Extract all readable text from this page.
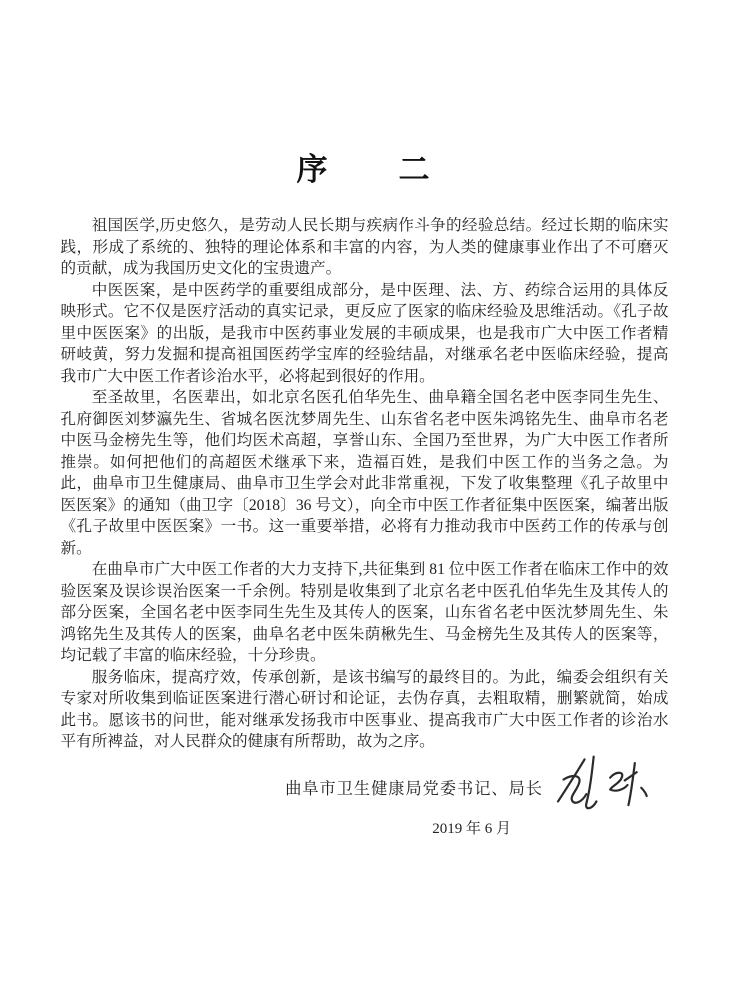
序　　二

祖国医学,历史悠久，是劳动人民长期与疾病作斗争的经验总结。经过长期的临床实践，形成了系统的、独特的理论体系和丰富的内容，为人类的健康事业作出了不可磨灭的贡献，成为我国历史文化的宝贵遗产。

中医医案，是中医药学的重要组成部分，是中医理、法、方、药综合运用的具体反映形式。它不仅是医疗活动的真实记录，更反应了医家的临床经验及思维活动。《孔子故里中医医案》的出版，是我市中医药事业发展的丰硕成果，也是我市广大中医工作者精研岐黄，努力发掘和提高祖国医药学宝库的经验结晶，对继承名老中医临床经验，提高我市广大中医工作者诊治水平，必将起到很好的作用。

至圣故里，名医辈出，如北京名医孔伯华先生、曲阜籍全国名老中医李同生先生、孔府御医刘梦瀛先生、省城名医沈梦周先生、山东省名老中医朱鸿铭先生、曲阜市名老中医马金榜先生等，他们均医术高超，享誉山东、全国乃至世界，为广大中医工作者所推崇。如何把他们的高超医术继承下来，造福百姓，是我们中医工作的当务之急。为此，曲阜市卫生健康局、曲阜市卫生学会对此非常重视，下发了收集整理《孔子故里中医医案》的通知（曲卫字〔2018〕36 号文），向全市中医工作者征集中医医案，编著出版《孔子故里中医医案》一书。这一重要举措，必将有力推动我市中医药工作的传承与创新。

在曲阜市广大中医工作者的大力支持下,共征集到 81 位中医工作者在临床工作中的效验医案及误诊误治医案一千余例。特别是收集到了北京名老中医孔伯华先生及其传人的部分医案，全国名老中医李同生先生及其传人的医案，山东省名老中医沈梦周先生、朱鸿铭先生及其传人的医案，曲阜名老中医朱荫楸先生、马金榜先生及其传人的医案等，均记载了丰富的临床经验，十分珍贵。

服务临床，提高疗效，传承创新，是该书编写的最终目的。为此，编委会组织有关专家对所收集到临证医案进行潜心研讨和论证，去伪存真，去粗取精，删繁就简，始成此书。愿该书的问世，能对继承发扬我市中医事业、提高我市广大中医工作者的诊治水平有所裨益，对人民群众的健康有所帮助，故为之序。

曲阜市卫生健康局党委书记、局长
2019 年 6 月
